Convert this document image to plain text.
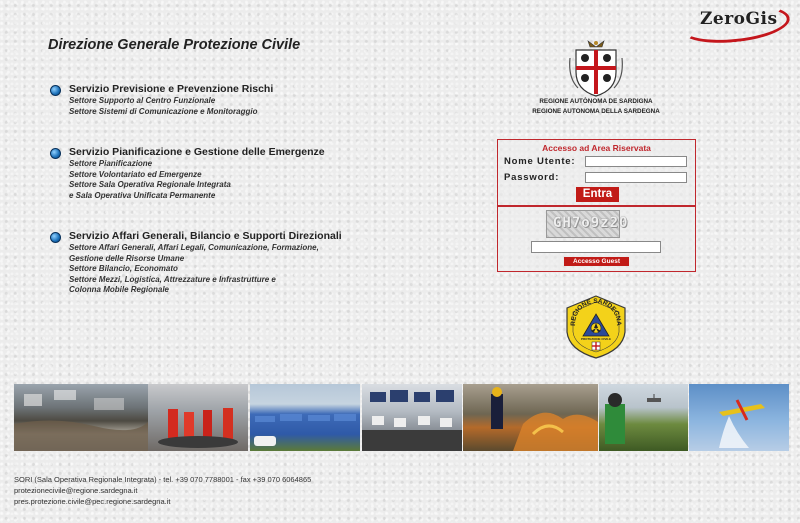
ZeroGis
Direzione Generale Protezione Civile
Servizio Previsione e Prevenzione Rischi
Settore Supporto al Centro Funzionale
Settore Sistemi di Comunicazione e Monitoraggio
Servizio Pianificazione e Gestione delle Emergenze
Settore Pianificazione
Settore Volontariato ed Emergenze
Settore Sala Operativa Regionale Integrata
e Sala Operativa Unificata Permanente
Servizio Affari Generali, Bilancio e Supporti Direzionali
Settore Affari Generali, Affari Legali, Comunicazione, Formazione,
Gestione delle Risorse Umane
Settore Bilancio, Economato
Settore Mezzi, Logistica, Attrezzature e Infrastrutture e
Colonna Mobile Regionale
REGIONE AUTÒNOMA DE SARDIGNA
REGIONE AUTONOMA DELLA SARDEGNA
Accesso ad Area Riservata
Nome Utente:
Password:
Entra
GH7o9z20
Accesso Guest
REGIONE SARDEGNA
PROTEZIONE CIVILE
SORI (Sala Operativa Regionale Integrata) - tel. +39 070 7788001 - fax +39 070 6064865
protezionecivile@regione.sardegna.it
pres.protezione.civile@pec.regione.sardegna.it
